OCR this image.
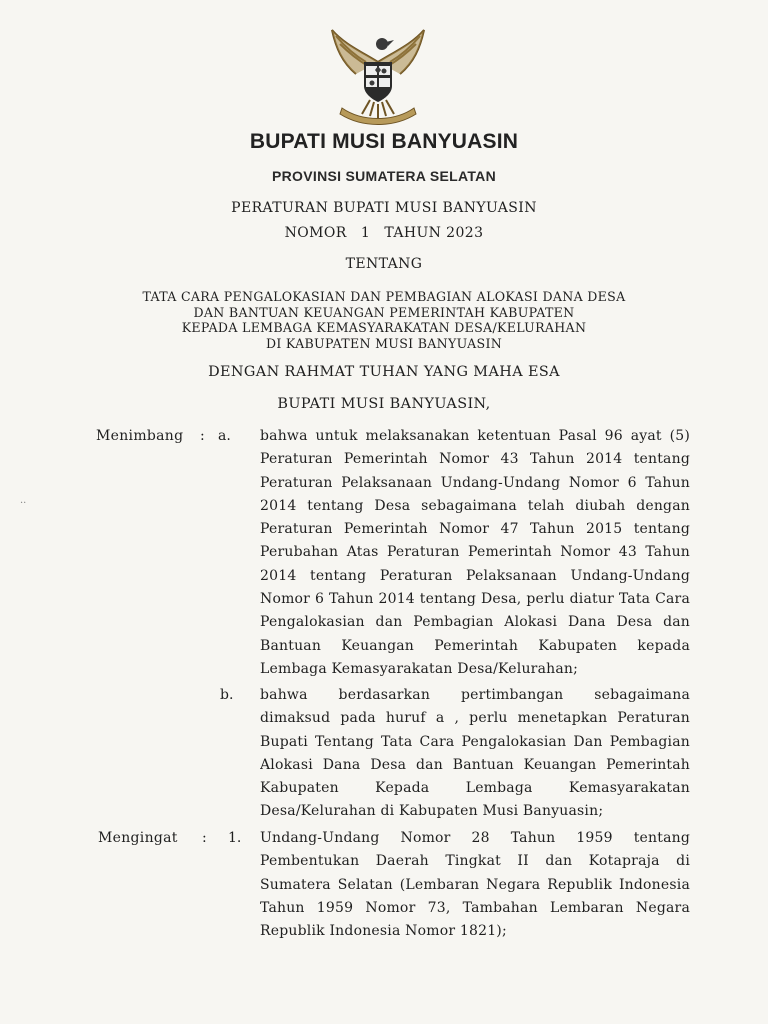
BUPATI MUSI BANYUASIN
PROVINSI SUMATERA SELATAN
PERATURAN BUPATI MUSI BANYUASIN
NOMOR 1 TAHUN 2023
TENTANG
TATA CARA PENGALOKASIAN DAN PEMBAGIAN ALOKASI DANA DESA
DAN BANTUAN KEUANGAN PEMERINTAH KABUPATEN
KEPADA LEMBAGA KEMASYARAKATAN DESA/KELURAHAN
DI KABUPATEN MUSI BANYUASIN
DENGAN RAHMAT TUHAN YANG MAHA ESA
BUPATI MUSI BANYUASIN,
··
Menimbang : a. bahwa untuk melaksanakan ketentuan Pasal 96 ayat (5)
Peraturan Pemerintah Nomor 43 Tahun 2014 tentang
Peraturan Pelaksanaan Undang-Undang Nomor 6 Tahun
2014 tentang Desa sebagaimana telah diubah dengan
Peraturan Pemerintah Nomor 47 Tahun 2015 tentang
Perubahan Atas Peraturan Pemerintah Nomor 43 Tahun
2014 tentang Peraturan Pelaksanaan Undang-Undang
Nomor 6 Tahun 2014 tentang Desa, perlu diatur Tata Cara
Pengalokasian dan Pembagian Alokasi Dana Desa dan
Bantuan Keuangan Pemerintah Kabupaten kepada
Lembaga Kemasyarakatan Desa/Kelurahan;
b. bahwa berdasarkan pertimbangan sebagaimana
dimaksud pada huruf a , perlu menetapkan Peraturan
Bupati Tentang Tata Cara Pengalokasian Dan Pembagian
Alokasi Dana Desa dan Bantuan Keuangan Pemerintah
Kabupaten Kepada Lembaga Kemasyarakatan
Desa/Kelurahan di Kabupaten Musi Banyuasin;
Mengingat : 1. Undang-Undang Nomor 28 Tahun 1959 tentang
Pembentukan Daerah Tingkat II dan Kotapraja di
Sumatera Selatan (Lembaran Negara Republik Indonesia
Tahun 1959 Nomor 73, Tambahan Lembaran Negara
Republik Indonesia Nomor 1821);
